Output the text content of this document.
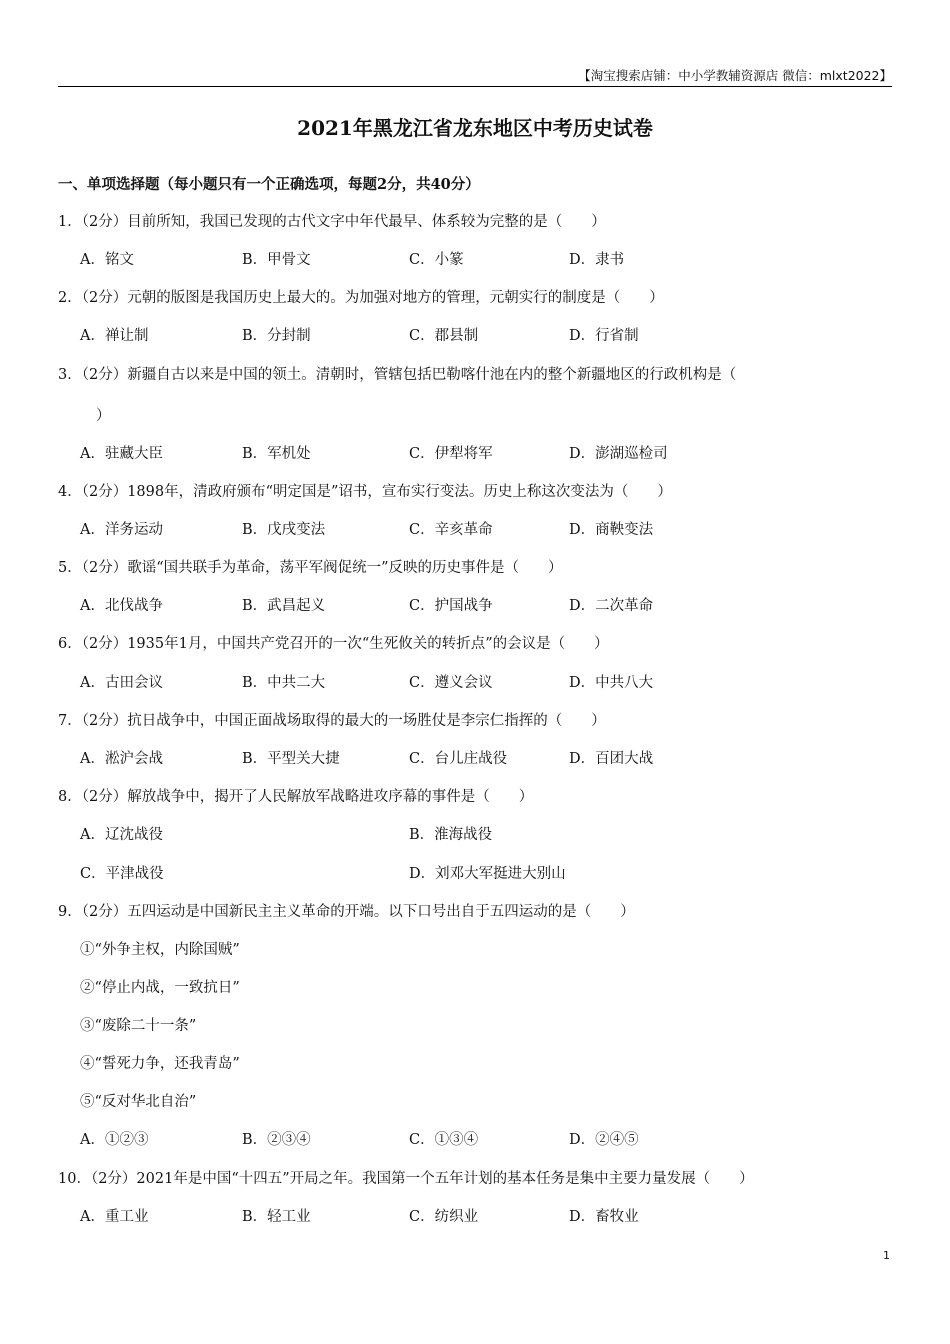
【淘宝搜索店铺：中小学教辅资源店 微信：mlxt2022】
2021年黑龙江省龙东地区中考历史试卷
一、单项选择题（每小题只有一个正确选项，每题2分，共40分）
1．（2分）目前所知，我国已发现的古代文字中年代最早、体系较为完整的是（　　）
A．铭文	B．甲骨文	C．小篆	D．隶书
2．（2分）元朝的版图是我国历史上最大的。为加强对地方的管理，元朝实行的制度是（　　）
A．禅让制	B．分封制	C．郡县制	D．行省制
3．（2分）新疆自古以来是中国的领土。清朝时，管辖包括巴勒喀什池在内的整个新疆地区的行政机构是（
）
A．驻藏大臣	B．军机处	C．伊犁将军	D．澎湖巡检司
4．（2分）1898年，清政府颁布“明定国是”诏书，宣布实行变法。历史上称这次变法为（　　）
A．洋务运动	B．戊戌变法	C．辛亥革命	D．商鞅变法
5．（2分）歌谣“国共联手为革命，荡平军阀促统一”反映的历史事件是（　　）
A．北伐战争	B．武昌起义	C．护国战争	D．二次革命
6．（2分）1935年1月，中国共产党召开的一次“生死攸关的转折点”的会议是（　　）
A．古田会议	B．中共二大	C．遵义会议	D．中共八大
7．（2分）抗日战争中，中国正面战场取得的最大的一场胜仗是李宗仁指挥的（　　）
A．淞沪会战	B．平型关大捷	C．台儿庄战役	D．百团大战
8．（2分）解放战争中，揭开了人民解放军战略进攻序幕的事件是（　　）
A．辽沈战役	B．淮海战役
C．平津战役	D．刘邓大军挺进大别山
9．（2分）五四运动是中国新民主主义革命的开端。以下口号出自于五四运动的是（　　）
①“外争主权，内除国贼”
②“停止内战，一致抗日”
③“废除二十一条”
④“誓死力争，还我青岛”
⑤“反对华北自治”
A．①②③	B．②③④	C．①③④	D．②④⑤
10．（2分）2021年是中国“十四五”开局之年。我国第一个五年计划的基本任务是集中主要力量发展（　　）
A．重工业	B．轻工业	C．纺织业	D．畜牧业
1
